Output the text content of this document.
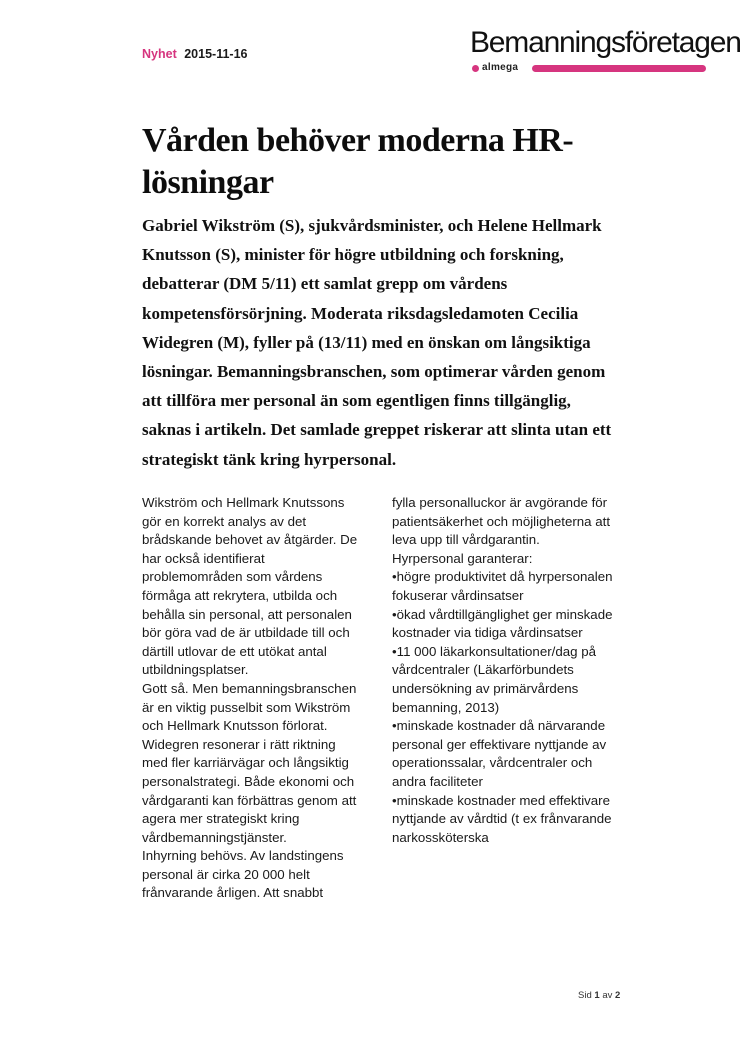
Nyhet 2015-11-16	Bemanningsföretagen
almega
Vården behöver moderna HR-lösningar

Gabriel Wikström (S), sjukvårdsminister, och Helene Hellmark Knutsson (S), minister för högre utbildning och forskning, debatterar (DM 5/11) ett samlat grepp om vårdens kompetensförsörjning. Moderata riksdagsledamoten Cecilia Widegren (M), fyller på (13/11) med en önskan om långsiktiga lösningar. Bemanningsbranschen, som optimerar vården genom att tillföra mer personal än som egentligen finns tillgänglig, saknas i artikeln. Det samlade greppet riskerar att slinta utan ett strategiskt tänk kring hyrpersonal.

Wikström och Hellmark Knutssons gör en korrekt analys av det brådskande behovet av åtgärder. De har också identifierat problemområden som vårdens förmåga att rekrytera, utbilda och behålla sin personal, att personalen bör göra vad de är utbildade till och därtill utlovar de ett utökat antal utbildningsplatser.

Gott så. Men bemanningsbranschen är en viktig pusselbit som Wikström och Hellmark Knutsson förlorat. Widegren resonerar i rätt riktning med fler karriärvägar och långsiktig personalstrategi. Både ekonomi och vårdgaranti kan förbättras genom att agera mer strategiskt kring vårdbemanningstjänster.

Inhyrning behövs. Av landstingens personal är cirka 20 000 helt frånvarande årligen. Att snabbt

fylla personalluckor är avgörande för patientsäkerhet och möjligheterna att leva upp till vårdgarantin. Hyrpersonal garanterar:

•högre produktivitet då hyrpersonalen fokuserar vårdinsatser

•ökad vårdtillgänglighet ger minskade kostnader via tidiga vårdinsatser

•11 000 läkarkonsultationer/dag på vårdcentraler (Läkarförbundets undersökning av primärvårdens bemanning, 2013)

•minskade kostnader då närvarande personal ger effektivare nyttjande av operationssalar, vårdcentraler och andra faciliteter

•minskade kostnader med effektivare nyttjande av vårdtid (t ex frånvarande narkossköterska

Sid 1 av 2
